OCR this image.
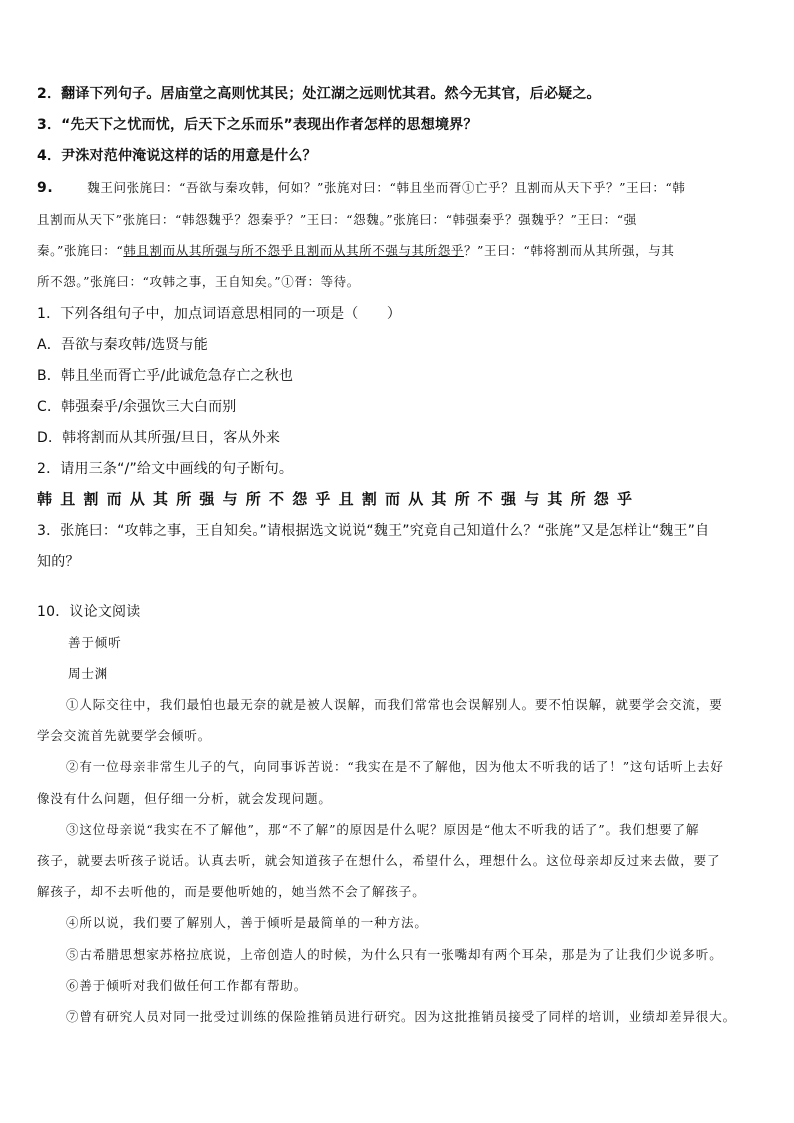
2．翻译下列句子。居庙堂之高则忧其民；处江湖之远则忧其君。然今无其官，后必疑之。
3．“先天下之忧而忧，后天下之乐而乐”表现出作者怎样的思想境界？
4．尹洙对范仲淹说这样的话的用意是什么？
9.	魏王问张旄曰：“吾欲与秦攻韩，何如？”张旄对曰：“韩且坐而胥①亡乎？且割而从天下乎？”王曰：“韩
且割而从天下”张旄曰：“韩怨魏乎？怨秦乎？”王曰：“怨魏。”张旄曰：“韩强秦乎？强魏乎？”王曰：“强
秦。”张旄曰：“韩且割而从其所强与所不怨乎且割而从其所不强与其所怨乎？”王曰：“韩将割而从其所强，与其
所不怨。”张旄曰：“攻韩之事，王自知矣。”①胥：等待。
1．下列各组句子中，加点词语意思相同的一项是（　　）
A．吾欲与秦攻韩/选贤与能
B．韩且坐而胥亡乎/此诚危急存亡之秋也
C．韩强秦乎/余强饮三大白而别
D．韩将割而从其所强/旦日，客从外来
2．请用三条“/”给文中画线的句子断句。
韩且割而从其所强与所不怨乎且割而从其所不强与其所怨乎
3．张旄曰：“攻韩之事，王自知矣。”请根据选文说说“魏王”究竟自己知道什么？“张旄”又是怎样让“魏王”自
知的？
10．议论文阅读
善于倾听
周士渊
①人际交往中，我们最怕也最无奈的就是被人误解，而我们常常也会误解别人。要不怕误解，就要学会交流，要
学会交流首先就要学会倾听。
②有一位母亲非常生儿子的气，向同事诉苦说：“我实在是不了解他，因为他太不听我的话了！”这句话听上去好
像没有什么问题，但仔细一分析，就会发现问题。
③这位母亲说“我实在不了解他”，那“不了解”的原因是什么呢？原因是“他太不听我的话了”。我们想要了解
孩子，就要去听孩子说话。认真去听，就会知道孩子在想什么，希望什么，理想什么。这位母亲却反过来去做，要了
解孩子，却不去听他的，而是要他听她的，她当然不会了解孩子。
④所以说，我们要了解别人，善于倾听是最简单的一种方法。
⑤古希腊思想家苏格拉底说，上帝创造人的时候，为什么只有一张嘴却有两个耳朵，那是为了让我们少说多听。
⑥善于倾听对我们做任何工作都有帮助。
⑦曾有研究人员对同一批受过训练的保险推销员进行研究。因为这批推销员接受了同样的培训，业绩却差异很大。
